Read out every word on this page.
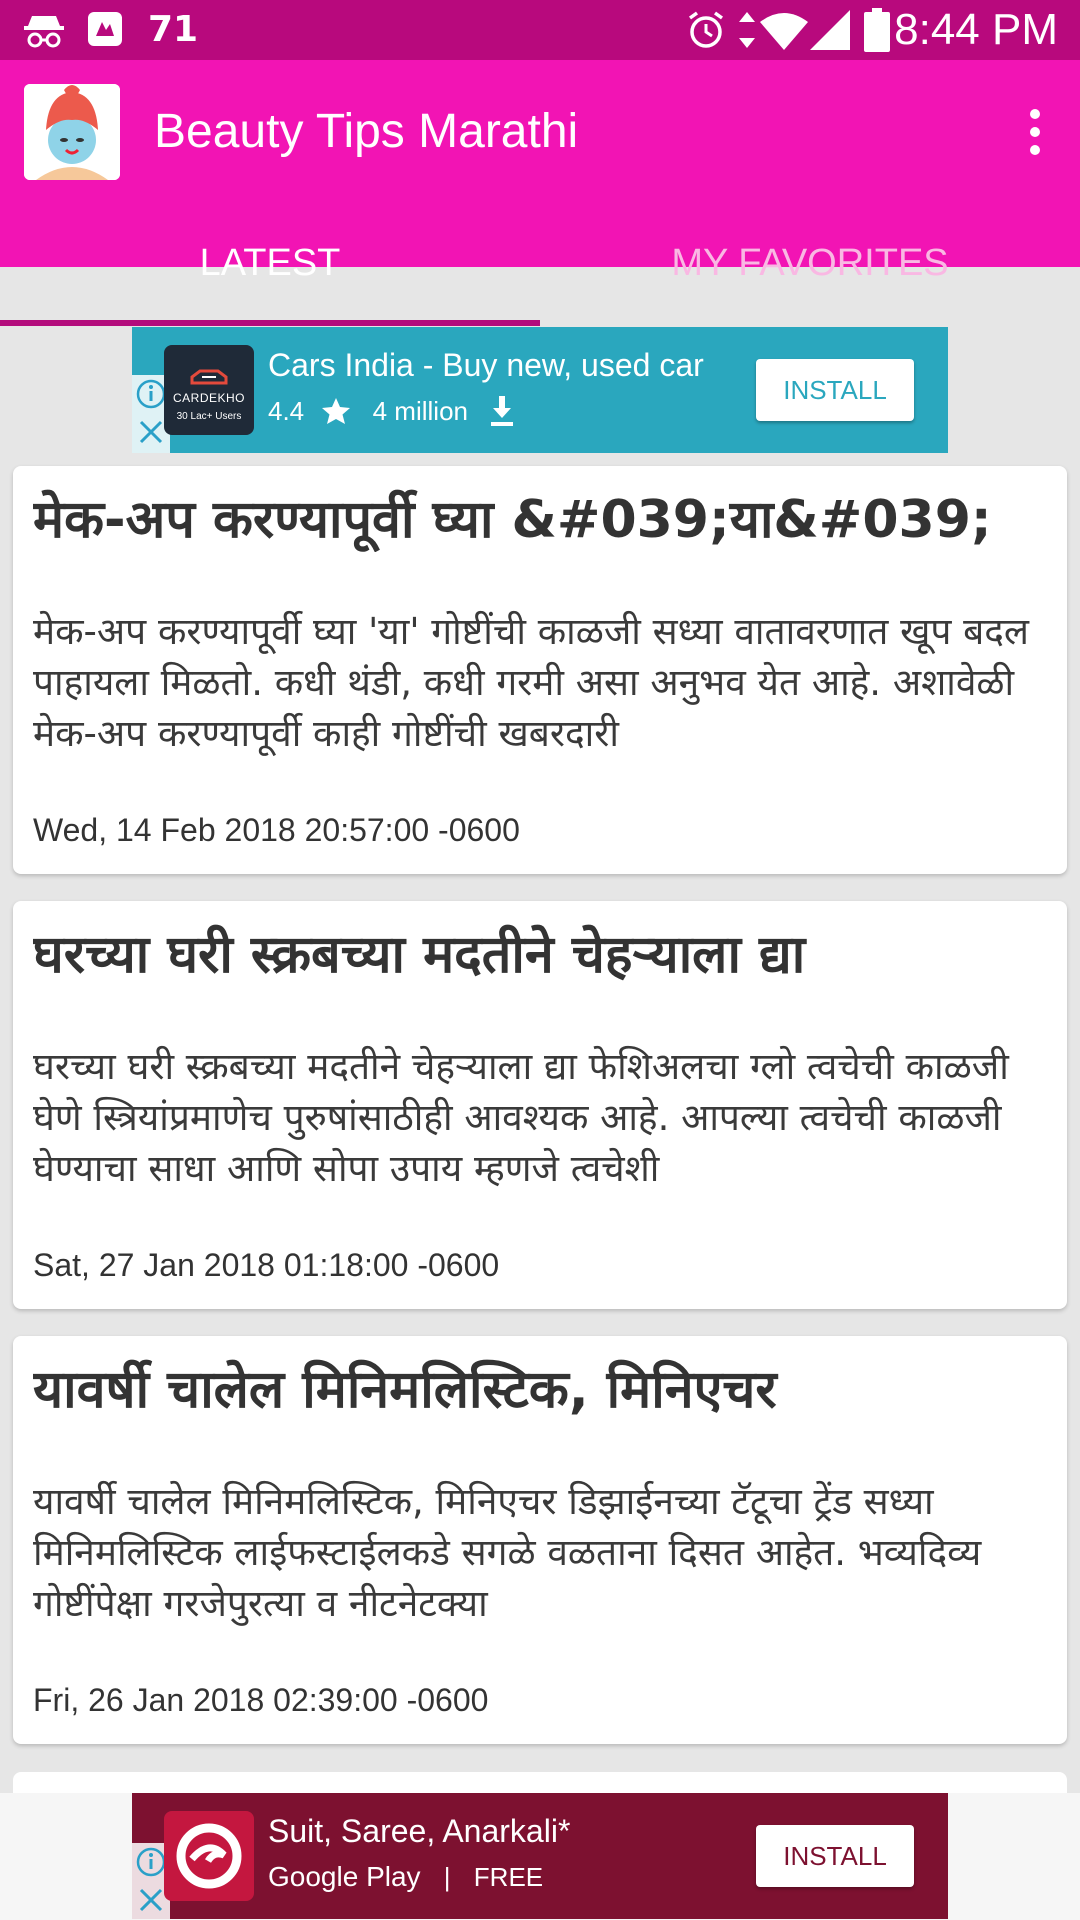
71	8:44 PM
Beauty Tips Marathi
LATEST	MY FAVORITES
CARDEKHO
30 Lac+ Users
Cars India - Buy new, used car
4.4	4 million
INSTALL
मेक-अप करण्यापूर्वी घ्या &#039;या&#039;
मेक-अप करण्यापूर्वी घ्या 'या' गोष्टींची काळजी सध्या वातावरणात खूप बदल पाहायला मिळतो. कधी थंडी, कधी गरमी असा अनुभव येत आहे. अशावेळी मेक-अप करण्यापूर्वी काही गोष्टींची खबरदारी
Wed, 14 Feb 2018 20:57:00 -0600
घरच्या घरी स्क्रबच्या मदतीने चेहऱ्याला द्या
घरच्या घरी स्क्रबच्या मदतीने चेहऱ्याला द्या फेशिअलचा ग्लो त्वचेची काळजी घेणे स्त्रियांप्रमाणेच पुरुषांसाठीही आवश्यक आहे. आपल्या त्वचेची काळजी घेण्याचा साधा आणि सोपा उपाय म्हणजे त्वचेशी
Sat, 27 Jan 2018 01:18:00 -0600
यावर्षी चालेल मिनिमलिस्टिक, मिनिएचर
यावर्षी चालेल मिनिमलिस्टिक, मिनिएचर डिझाईनच्या टॅटूचा ट्रेंड सध्या मिनिमलिस्टिक लाईफस्टाईलकडे सगळे वळताना दिसत आहेत. भव्यदिव्य गोष्टींपेक्षा गरजेपुरत्या व नीटनेटक्या
Fri, 26 Jan 2018 02:39:00 -0600
Suit, Saree, Anarkali*
Google Play | FREE
INSTALL
